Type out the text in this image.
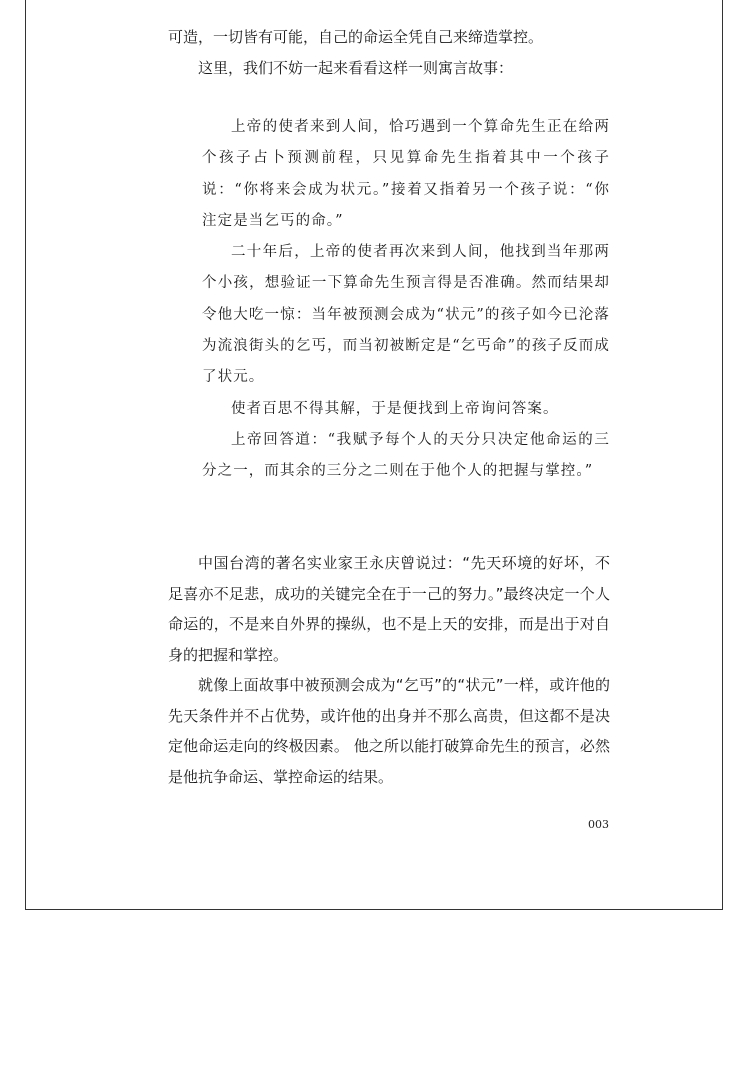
可造，一切皆有可能，自己的命运全凭自己来缔造掌控。

这里，我们不妨一起来看看这样一则寓言故事：

上帝的使者来到人间，恰巧遇到一个算命先生正在给两个孩子占卜预测前程，只见算命先生指着其中一个孩子说：“你将来会成为状元。”接着又指着另一个孩子说：“你注定是当乞丐的命。”

二十年后，上帝的使者再次来到人间，他找到当年那两个小孩，想验证一下算命先生预言得是否准确。然而结果却令他大吃一惊：当年被预测会成为“状元”的孩子如今已沦落为流浪街头的乞丐，而当初被断定是“乞丐命”的孩子反而成了状元。

使者百思不得其解，于是便找到上帝询问答案。

上帝回答道：“我赋予每个人的天分只决定他命运的三分之一，而其余的三分之二则在于他个人的把握与掌控。”

中国台湾的著名实业家王永庆曾说过：“先天环境的好坏，不足喜亦不足悲，成功的关键完全在于一己的努力。”最终决定一个人命运的，不是来自外界的操纵，也不是上天的安排，而是出于对自身的把握和掌控。

就像上面故事中被预测会成为“乞丐”的“状元”一样，或许他的先天条件并不占优势，或许他的出身并不那么高贵，但这都不是决定他命运走向的终极因素。 他之所以能打破算命先生的预言，必然是他抗争命运、掌控命运的结果。

003
